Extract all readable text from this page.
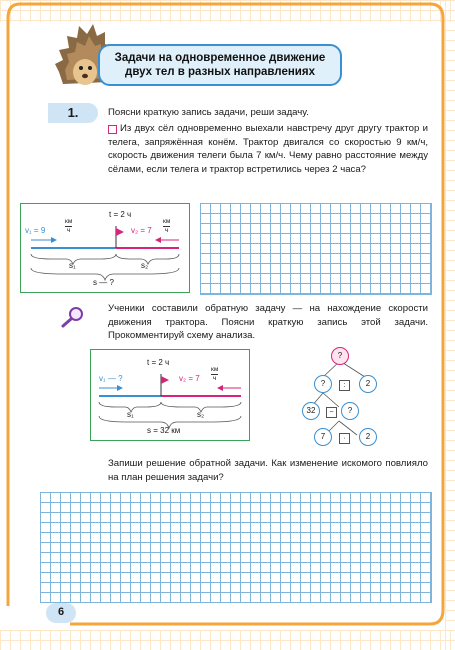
Задачи на одновременное движение
двух тел в разных направлениях
1.	Поясни краткую запись задачи, реши задачу.
Из двух сёл одновременно выехали навстречу друг другу трактор и телега, запряжённая конём. Трактор двигался со скоростью 9 км/ч, скорость движения телеги была 7 км/ч. Чему равно расстояние между сёлами, если телега и трактор встретились через 2 часа?
t = 2 ч
v₁ = 9
км
ч	v₂ = 7
км
ч
s₁	s₂
s — ?
Ученики составили обратную задачу — на нахождение скорости движения трактора. Поясни краткую запись этой задачи. Прокомментируй схему анализа.
t = 2 ч
v₁ — ?	v₂ = 7
км
ч
s₁	s₂
s = 32 км
?
?	:	2
32	−	?
7	·	2
Запиши решение обратной задачи. Как изменение искомого повлияло на план решения задачи?
6
